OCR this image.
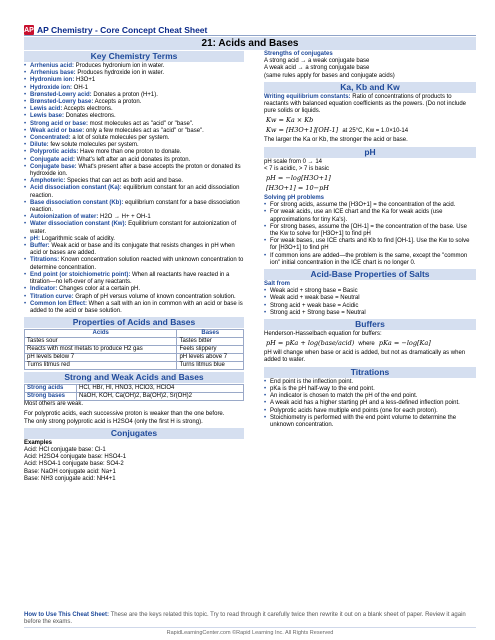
AP AP Chemistry - Core Concept Cheat Sheet
21: Acids and Bases
Key Chemistry Terms
• Arrhenius acid: Produces hydronium ion in water.
• Arrhenius base: Produces hydroxide ion in water.
• Hydronium ion: H3O+1
• Hydroxide ion: OH-1
• Brønsted-Lowry acid: Donates a proton (H+1).
• Brønsted-Lowry base: Accepts a proton.
• Lewis acid: Accepts electrons.
• Lewis base: Donates electrons.
• Strong acid or base: most molecules act as "acid" or "base".
• Weak acid or base: only a few molecules act as "acid" or "base".
• Concentrated: a lot of solute molecules per system.
• Dilute: few solute molecules per system.
• Polyprotic acids: Have more than one proton to donate.
• Conjugate acid: What's left after an acid donates its proton.
• Conjugate base: What's present after a base accepts the proton or donated its hydroxide ion.
• Amphoteric: Species that can act as both acid and base.
• Acid dissociation constant (Ka): equilibrium constant for an acid dissociation reaction.
• Base dissociation constant (Kb): equilibrium constant for a base dissociation reaction.
• Autoionization of water: H2O → H+ + OH-1
• Water dissociation constant (Kw): Equilibrium constant for autoionization of water.
• pH: Logarithmic scale of acidity.
• Buffer: Weak acid or base and its conjugate that resists changes in pH when acid or bases are added.
• Titrations: Known concentration solution reacted with unknown concentration to determine concentration.
• End point (or stoichiometric point): When all reactants have reacted in a titration—no left-over of any reactants.
• Indicator: Changes color at a certain pH.
• Titration curve: Graph of pH versus volume of known concentration solution.
• Common Ion Effect: When a salt with an ion in common with an acid or base is added to the acid or base solution.
Properties of Acids and Bases
Acids	Bases
Tastes sour	Tastes bitter
Reacts with most metals to produce H2 gas	Feels slippery
pH levels below 7	pH levels above 7
Turns litmus red	Turns litmus blue
Strong and Weak Acids and Bases
Strong acids	HCl, HBr, HI, HNO3, HClO3, HClO4
Strong bases	NaOH, KOH, Ca(OH)2, Ba(OH)2, Sr(OH)2
Most others are weak.
For polyprotic acids, each successive proton is weaker than the one before.
The only strong polyprotic acid is H2SO4 (only the first H is strong).
Conjugates
Examples
Acid: HCl conjugate base: Cl-1
Acid: H2SO4 conjugate base: HSO4-1
Acid: HSO4-1 conjugate base: SO4-2
Base: NaOH conjugate acid: Na+1
Base: NH3 conjugate acid: NH4+1
Strengths of conjugates
A strong acid → a weak conjugate base
A weak acid → a strong conjugate base
(same rules apply for bases and conjugate acids)
Ka, Kb and Kw
Writing equilibrium constants: Ratio of concentrations of products to reactants with balanced equation coefficients as the powers. (Do not include pure solids or liquids.
Kw = Ka × Kb
Kw = [H3O+1][OH-1] at 25°C, Kw = 1.0×10-14
The larger the Ka or Kb, the stronger the acid or base.
pH
pH scale from 0 → 14
< 7 is acidic, > 7 is basic
pH = −log[H3O+1]
[H3O+1] = 10−pH
Solving pH problems
• For strong acids, assume the [H3O+1] = the concentration of the acid.
• For weak acids, use an ICE chart and the Ka for weak acids (use approximations for tiny Ka's).
• For strong bases, assume the [OH-1] = the concentration of the base. Use the Kw to solve for [H3O+1] to find pH
• For weak bases, use ICE charts and Kb to find [OH-1]. Use the Kw to solve for [H3O+1] to find pH
• If common ions are added—the problem is the same, except the "common ion" initial concentration in the ICE chart is no longer 0.
Acid-Base Properties of Salts
Salt from
• Weak acid + strong base = Basic
• Weak acid + weak base = Neutral
• Strong acid + weak base = Acidic
• Strong acid + Strong base = Neutral
Buffers
Henderson-Hasselbach equation for buffers:
pH = pKa + log(base/acid) where pKa = −log[Ka]
pH will change when base or acid is added, but not as dramatically as when added to water.
Titrations
• End point is the inflection point.
• pKa is the pH half-way to the end point.
• An indicator is chosen to match the pH of the end point.
• A weak acid has a higher starting pH and a less-defined inflection point.
• Polyprotic acids have multiple end points (one for each proton).
• Stoichiometry is performed with the end point volume to determine the unknown concentration.
How to Use This Cheat Sheet: These are the keys related this topic. Try to read through it carefully twice then rewrite it out on a blank sheet of paper. Review it again before the exams.
RapidLearningCenter.com ©Rapid Learning Inc. All Rights Reserved
